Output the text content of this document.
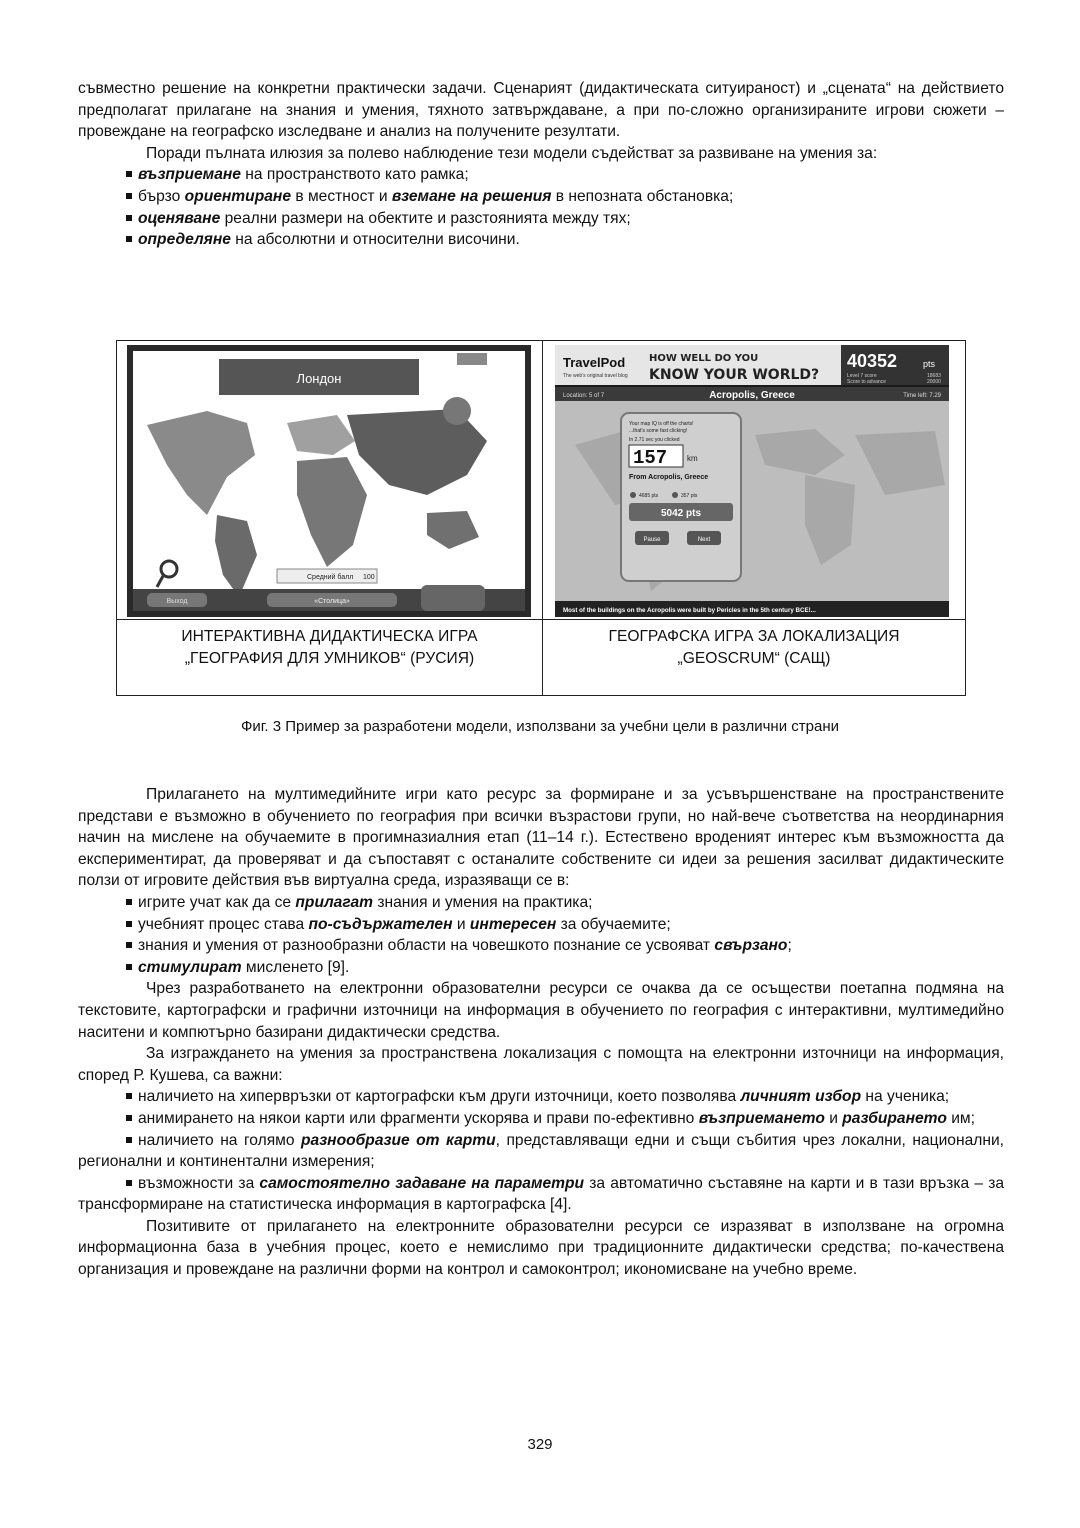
съвместно решение на конкретни практически задачи. Сценарият (дидактическата ситуираност) и „сцената“ на действието предполагат прилагане на знания и умения, тяхното затвърждаване, а при по-сложно организираните игрови сюжети – провеждане на географско изследване и анализ на получените резултати.
Поради пълната илюзия за полево наблюдение тези модели съдействат за развиване на умения за:
възприемане на пространството като рамка;
бързо ориентиране в местност и вземане на решения в непозната обстановка;
оценяване реални размери на обектите и разстоянията между тях;
определяне на абсолютни и относителни височини.
Лондон
Средний балл 100
Выход	«Столица»
ИНТЕРАКТИВНА ДИДАКТИЧЕСКА ИГРА
„ГЕОГРАФИЯ ДЛЯ УМНИКОВ“ (РУСИЯ)
TravelPod
The web's original travel blog
HOW WELL DO YOU
KNOW YOUR WORLD?
40352	pts
Level 7 score	18683
Score to advance	20000
Location: 5 of 7	Acropolis, Greece	Time left: 7.29
Your map IQ is off the charts!
...that's some fast clicking!
In 2.71 sec you clicked
157 km
From Acropolis, Greece
4685 pts	357 pts
5042 pts
Pause	Next
Most of the buildings on the Acropolis were built by Pericles in the 5th century BCE!...
ГЕОГРАФСКА ИГРА ЗА ЛОКАЛИЗАЦИЯ
„GEOSCRUM“ (САЩ)
Фиг. 3 Пример за разработени модели, използвани за учебни цели в различни страни
Прилагането на мултимедийните игри като ресурс за формиране и за усъвършенстване на пространствените представи е възможно в обучението по география при всички възрастови групи, но най-вече съответства на неординарния начин на мислене на обучаемите в прогимназиалния етап (11–14 г.). Естествено вроденият интерес към възможността да експериментират, да проверяват и да съпоставят с останалите собствените си идеи за решения засилват дидактическите ползи от игровите действия във виртуална среда, изразяващи се в:
игрите учат как да се прилагат знания и умения на практика;
учебният процес става по-съдържателен и интересен за обучаемите;
знания и умения от разнообразни области на човешкото познание се усвояват свързано;
стимулират мисленето [9].
Чрез разработването на електронни образователни ресурси се очаква да се осъществи поетапна подмяна на текстовите, картографски и графични източници на информация в обучението по география с интерактивни, мултимедийно наситени и компютърно базирани дидактически средства.
За изграждането на умения за пространствена локализация с помощта на електронни източници на информация, според Р. Кушева, са важни:
наличието на хипервръзки от картографски към други източници, което позволява личният избор на ученика;
анимирането на някои карти или фрагменти ускорява и прави по-ефективно възприемането и разбирането им;
наличието на голямо разнообразие от карти, представляващи едни и същи събития чрез локални, национални, регионални и континентални измерения;
възможности за самостоятелно задаване на параметри за автоматично съставяне на карти и в тази връзка – за трансформиране на статистическа информация в картографска [4].
Позитивите от прилагането на електронните образователни ресурси се изразяват в използване на огромна информационна база в учебния процес, което е немислимо при традиционните дидактически средства; по-качествена организация и провеждане на различни форми на контрол и самоконтрол; икономисване на учебно време.
329
